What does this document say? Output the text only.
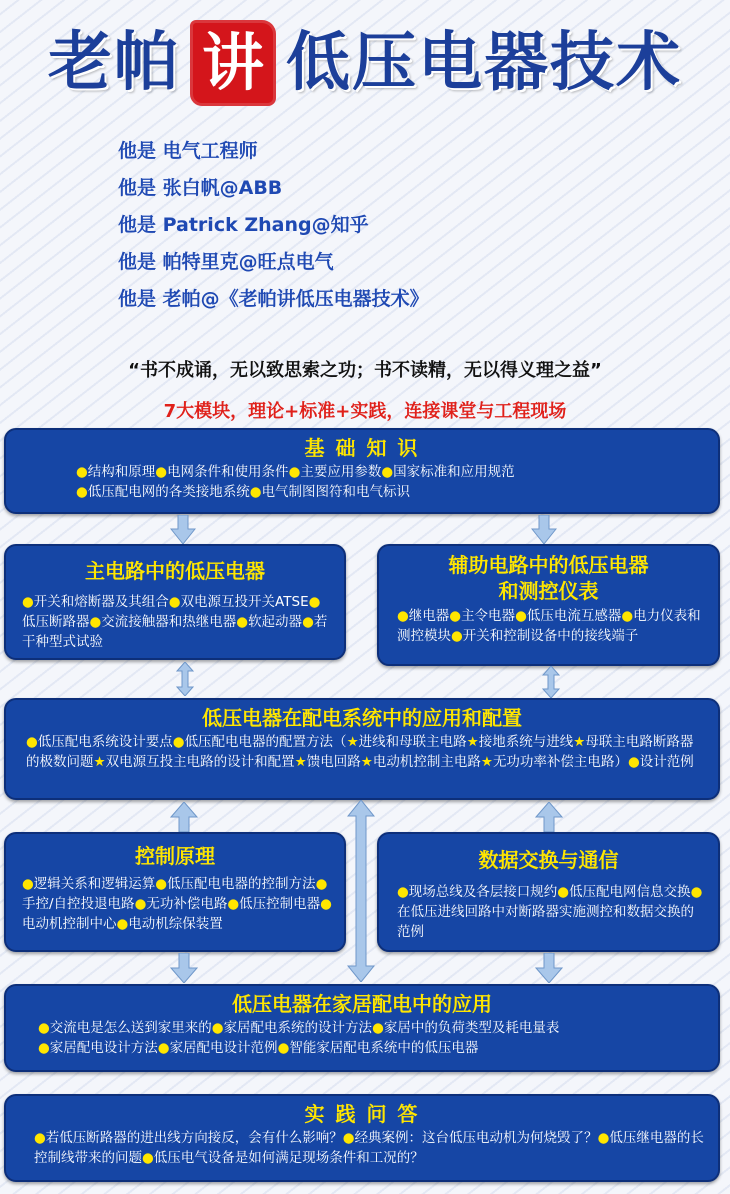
老帕 讲 低压电器技术
他是 电气工程师
他是 张白帆@ABB
他是 Patrick Zhang@知乎
他是 帕特里克@旺点电气
他是 老帕@《老帕讲低压电器技术》
“书不成诵，无以致思索之功；书不读精，无以得义理之益”
7大模块，理论+标准+实践，连接课堂与工程现场
基 础 知 识
●结构和原理●电网条件和使用条件●主要应用参数●国家标准和应用规范
●低压配电网的各类接地系统●电气制图图符和电气标识
主电路中的低压电器
●开关和熔断器及其组合●双电源互投开关ATSE●低压断路器●交流接触器和热继电器●软起动器●若干种型式试验
辅助电路中的低压电器
和测控仪表
●继电器●主令电器●低压电流互感器●电力仪表和测控模块●开关和控制设备中的接线端子
低压电器在配电系统中的应用和配置
●低压配电系统设计要点●低压配电电器的配置方法（★进线和母联主电路★接地系统与进线★母联主电路断路器的极数问题★双电源互投主电路的设计和配置★馈电回路★电动机控制主电路★无功功率补偿主电路）●设计范例
控制原理
●逻辑关系和逻辑运算●低压配电电器的控制方法●手控/自控投退电路●无功补偿电路●低压控制电器●电动机控制中心●电动机综保装置
数据交换与通信
●现场总线及各层接口规约●低压配电网信息交换●在低压进线回路中对断路器实施测控和数据交换的范例
低压电器在家居配电中的应用
●交流电是怎么送到家里来的●家居配电系统的设计方法●家居中的负荷类型及耗电量表
●家居配电设计方法●家居配电设计范例●智能家居配电系统中的低压电器
实 践 问 答
●若低压断路器的进出线方向接反，会有什么影响？●经典案例：这台低压电动机为何烧毁了？●低压继电器的长控制线带来的问题●低压电气设备是如何满足现场条件和工况的？
